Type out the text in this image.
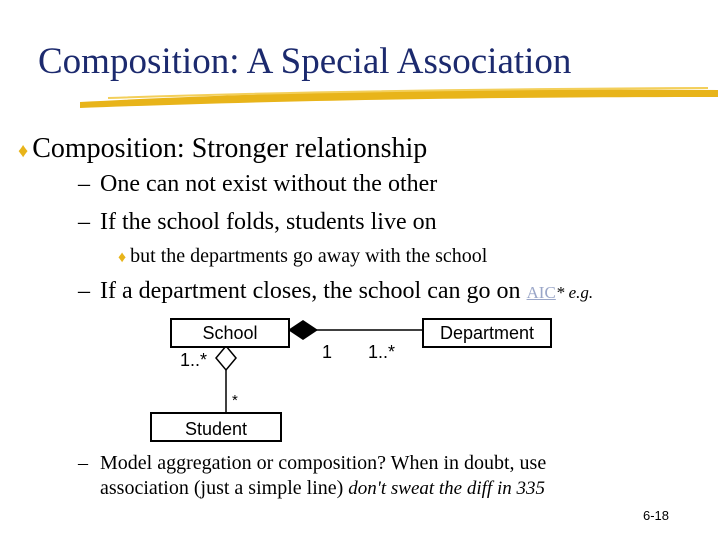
Composition: A Special Association
♦ Composition: Stronger relationship
– One can not exist without the other
– If the school folds, students live on
♦ but the departments go away with the school
– If a department closes, the school can go on AIC* e.g.
School	Department
Student
1..*	1 1..*
*
– Model aggregation or composition? When in doubt, use
association (just a simple line) don't sweat the diff in 335
6-18
